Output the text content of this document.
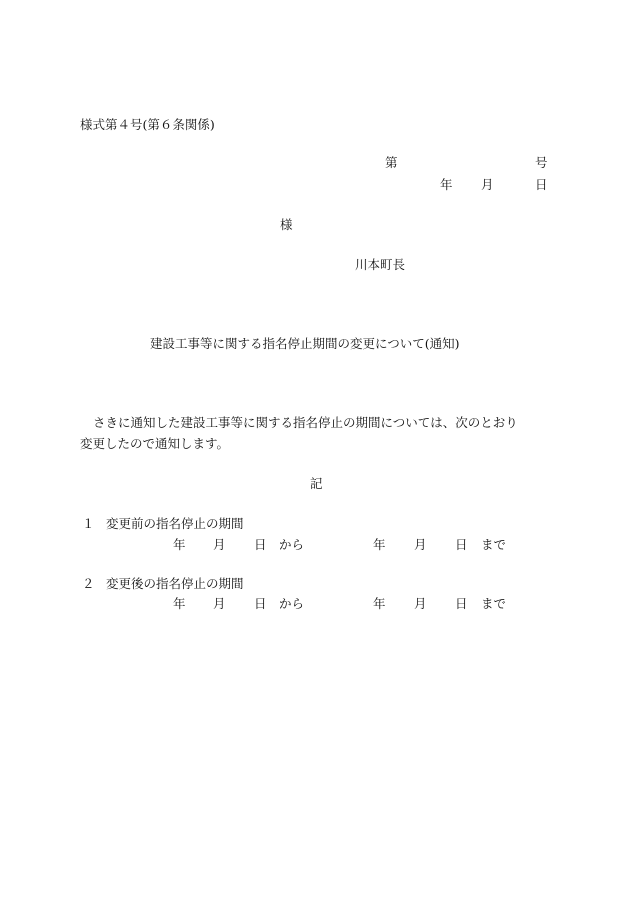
様式第４号(第６条関係)
第	号
年 月	日
様
川本町長
建設工事等に関する指名停止期間の変更について(通知)
さきに通知した建設工事等に関する指名停止の期間については、次のとおり
変更したので通知します。
記
１ 変更前の指名停止の期間
年 月 日 から	年 月 日 まで
２ 変更後の指名停止の期間
年 月 日 から	年 月 日 まで
